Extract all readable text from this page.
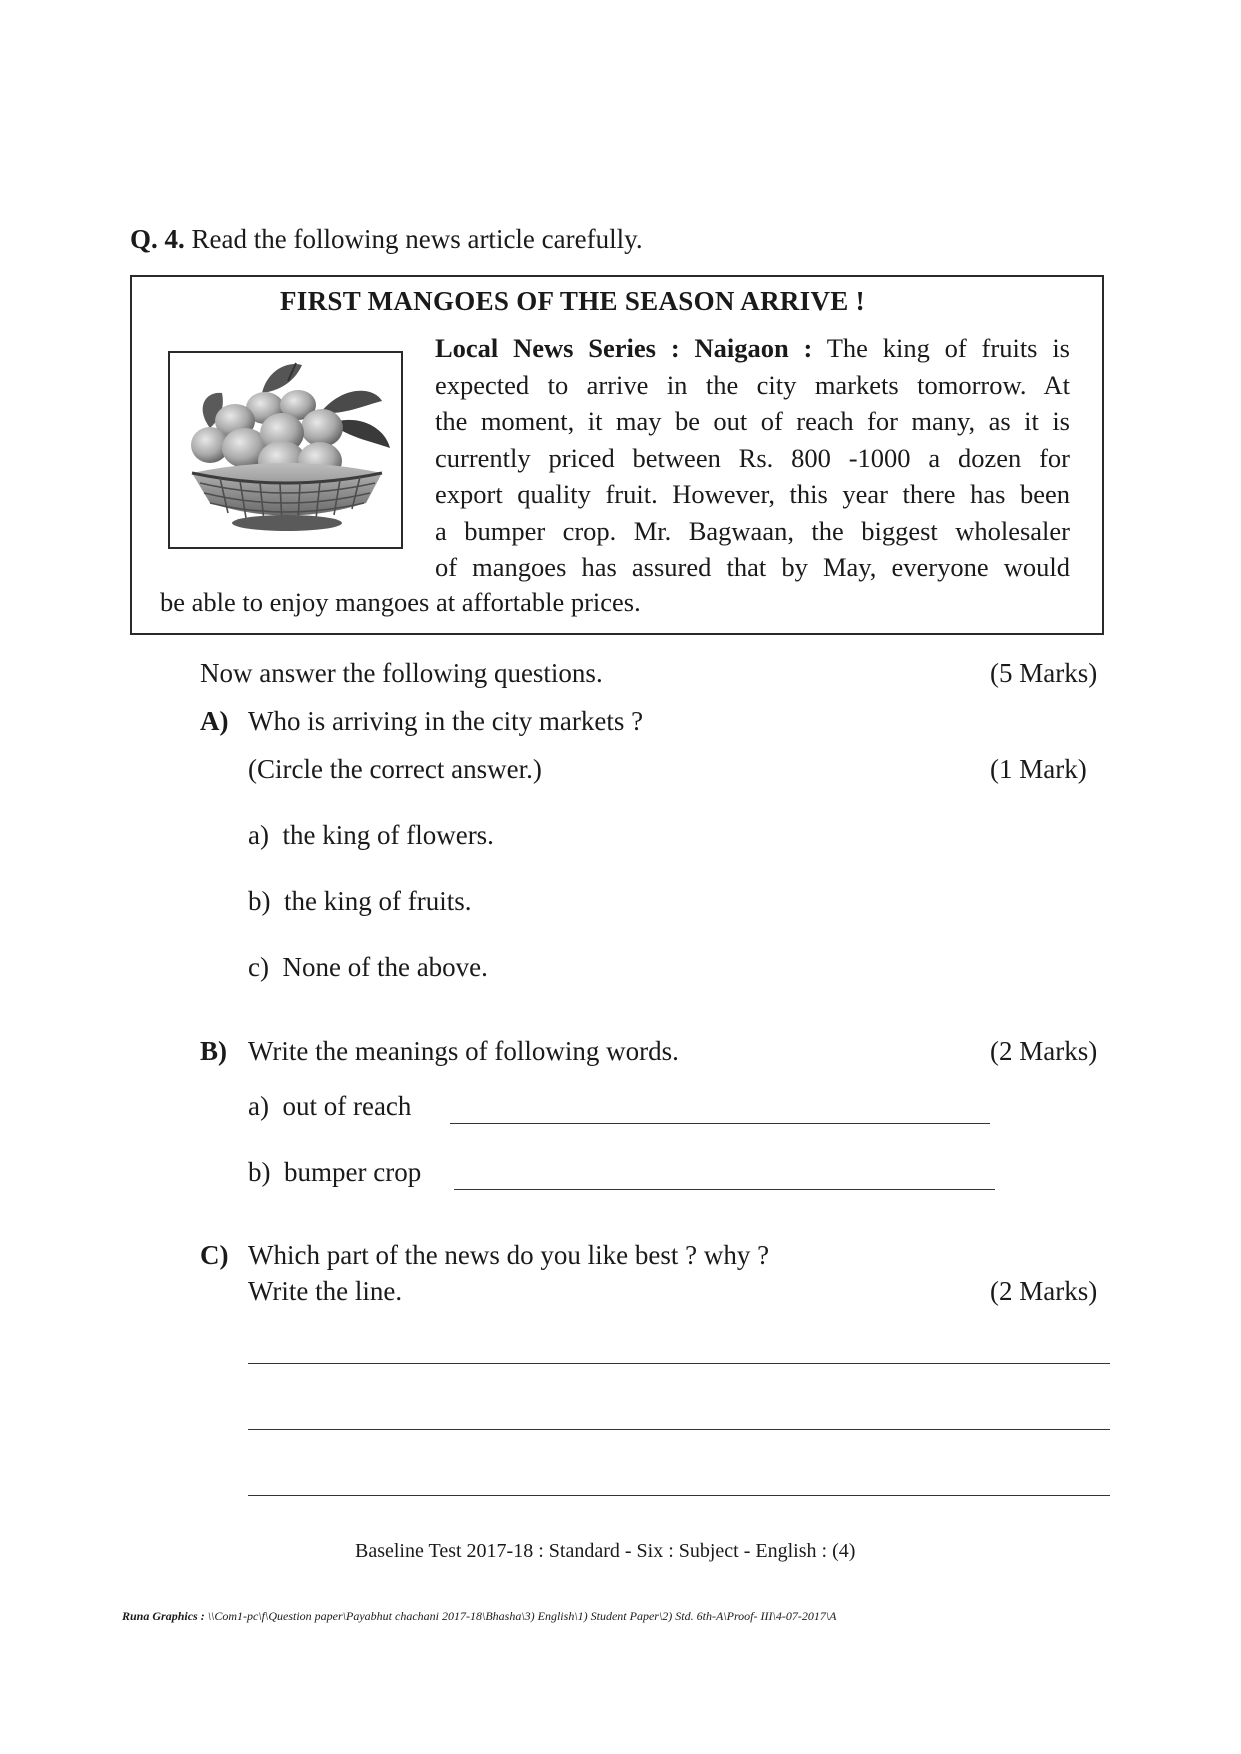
Q. 4. Read the following news article carefully.
FIRST MANGOES OF THE SEASON ARRIVE !
Local News Series : Naigaon : The king of fruits is
expected to arrive in the city markets tomorrow. At
the moment, it may be out of reach for many, as it is
currently priced between Rs. 800 -1000 a dozen for
export quality fruit. However, this year there has been
a bumper crop. Mr. Bagwaan, the biggest wholesaler
of mangoes has assured that by May, everyone would
be able to enjoy mangoes at affortable prices.
Now answer the following questions.	(5 Marks)
A) Who is arriving in the city markets ?
(Circle the correct answer.)	(1 Mark)
a) the king of flowers.
b) the king of fruits.
c) None of the above.
B) Write the meanings of following words.	(2 Marks)
a) out of reach
b) bumper crop
C) Which part of the news do you like best ? why ?
Write the line.	(2 Marks)
Baseline Test 2017-18 : Standard - Six : Subject - English : (4)
Runa Graphics : \\Com1-pc\f\Question paper\Payabhut chachani 2017-18\Bhasha\3) English\1) Student Paper\2) Std. 6th-A\Proof- III\4-07-2017\A
